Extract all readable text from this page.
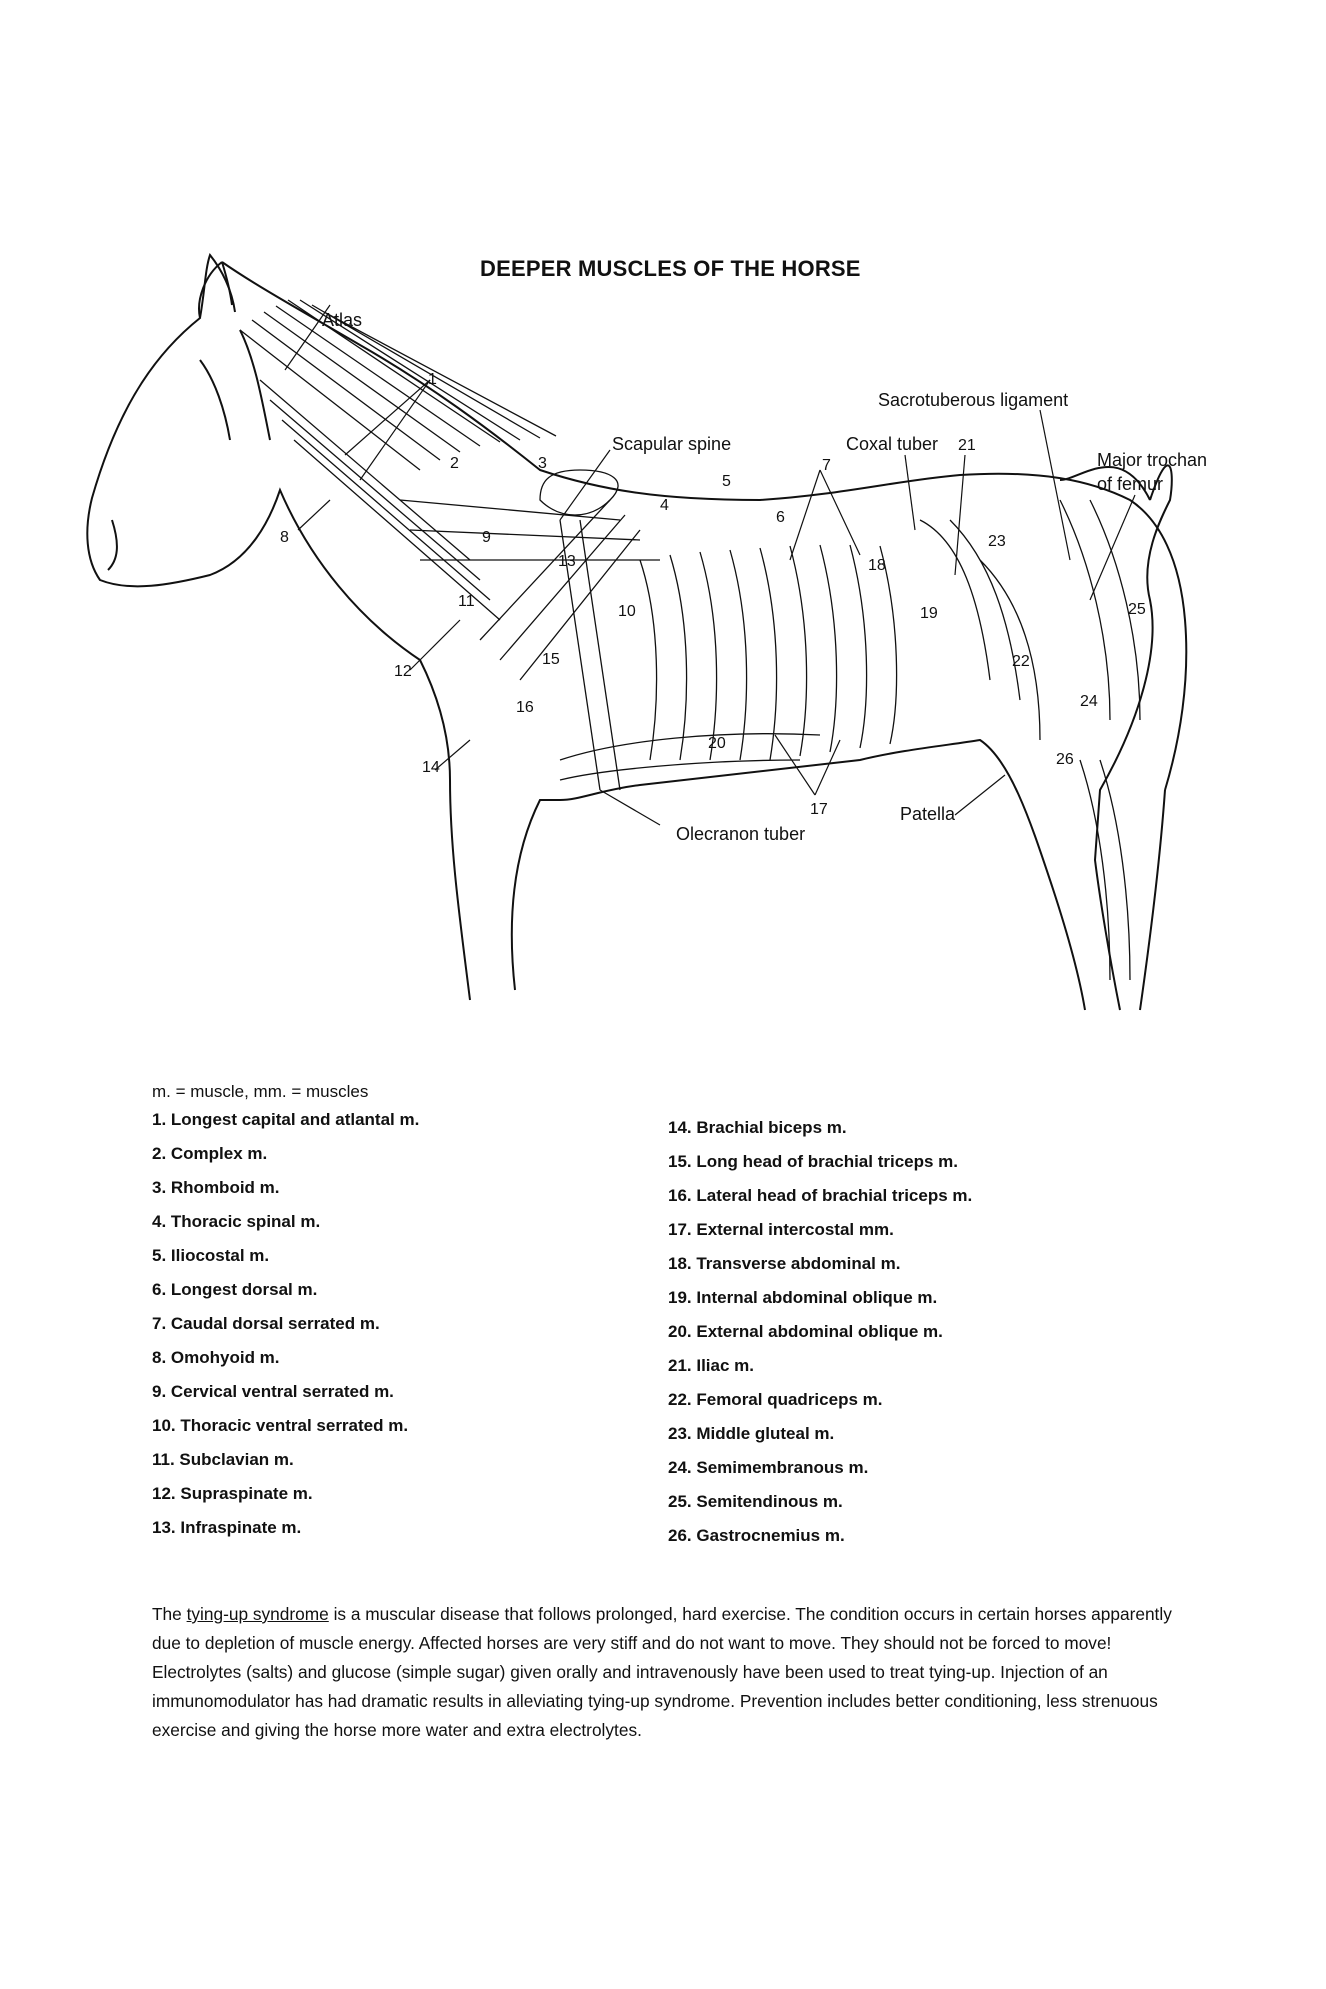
DEEPER MUSCLES OF THE HORSE
Atlas
Sacrotuberous ligament
Scapular spine	Coxal tuber
Major trochan
of femur
Olecranon tuber
Patella
1
2	3
4
5
6
7
8	9
10
11
12
13
14
15
16
17
18
19
20
21
22
23
24
25
26
m. = muscle, mm. = muscles
1. Longest capital and atlantal m.
2. Complex m.
3. Rhomboid m.
4. Thoracic spinal m.
5. Iliocostal m.
6. Longest dorsal m.
7. Caudal dorsal serrated m.
8. Omohyoid m.
9. Cervical ventral serrated m.
10. Thoracic ventral serrated m.
11. Subclavian m.
12. Supraspinate m.
13. Infraspinate m.
14. Brachial biceps m.
15. Long head of brachial triceps m.
16. Lateral head of brachial triceps m.
17. External intercostal mm.
18. Transverse abdominal m.
19. Internal abdominal oblique m.
20. External abdominal oblique m.
21. Iliac m.
22. Femoral quadriceps m.
23. Middle gluteal m.
24. Semimembranous m.
25. Semitendinous m.
26. Gastrocnemius m.
The tying-up syndrome is a muscular disease that follows prolonged, hard exercise. The condition occurs in certain horses apparently due to depletion of muscle energy. Affected horses are very stiff and do not want to move. They should not be forced to move! Electrolytes (salts) and glucose (simple sugar) given orally and intravenously have been used to treat tying-up. Injection of an immunomodulator has had dramatic results in alleviating tying-up syndrome. Prevention includes better conditioning, less strenuous exercise and giving the horse more water and extra electrolytes.
